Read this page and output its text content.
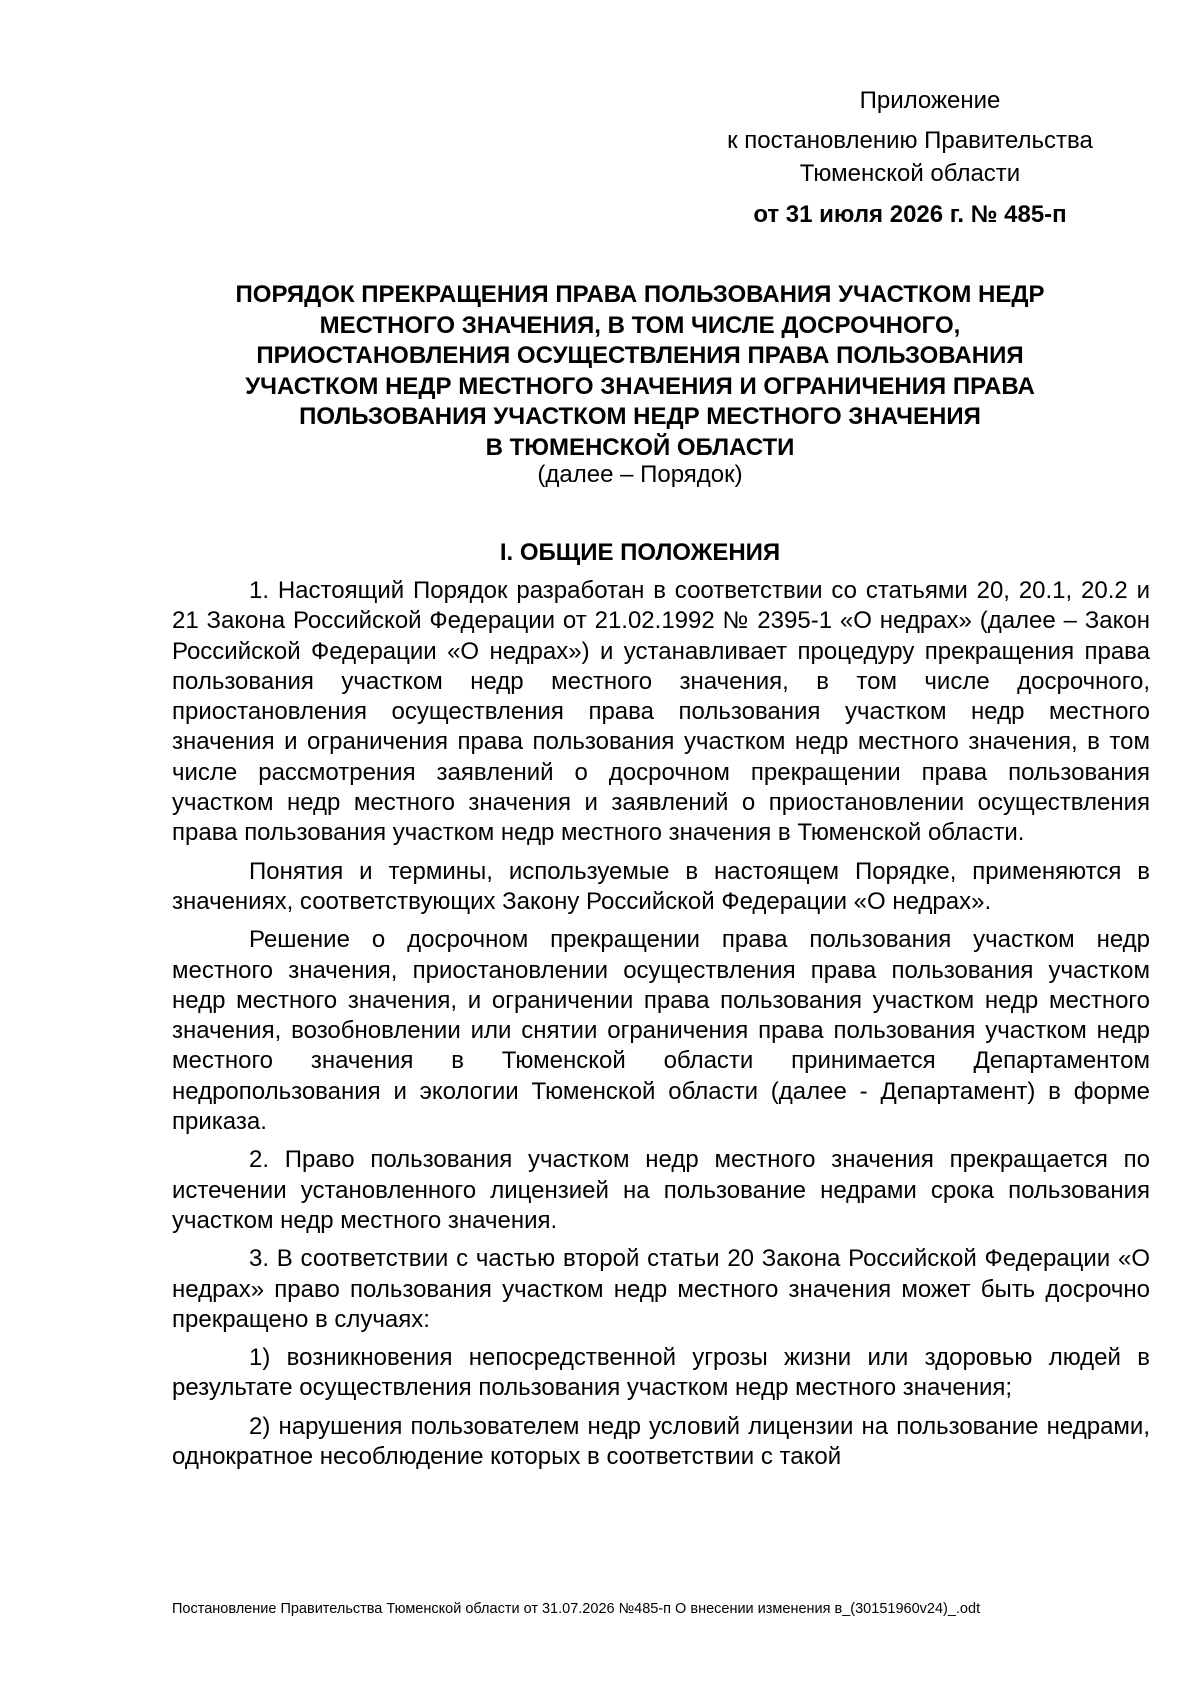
Приложение
к постановлению Правительства
Тюменской области
от 31 июля 2026 г. № 485-п
ПОРЯДОК ПРЕКРАЩЕНИЯ ПРАВА ПОЛЬЗОВАНИЯ УЧАСТКОМ НЕДР
МЕСТНОГО ЗНАЧЕНИЯ, В ТОМ ЧИСЛЕ ДОСРОЧНОГО,
ПРИОСТАНОВЛЕНИЯ ОСУЩЕСТВЛЕНИЯ ПРАВА ПОЛЬЗОВАНИЯ
УЧАСТКОМ НЕДР МЕСТНОГО ЗНАЧЕНИЯ И ОГРАНИЧЕНИЯ ПРАВА
ПОЛЬЗОВАНИЯ УЧАСТКОМ НЕДР МЕСТНОГО ЗНАЧЕНИЯ
В ТЮМЕНСКОЙ ОБЛАСТИ
(далее – Порядок)
I. ОБЩИЕ ПОЛОЖЕНИЯ

1. Настоящий Порядок разработан в соответствии со статьями 20, 20.1, 20.2 и 21 Закона Российской Федерации от 21.02.1992 № 2395-1 «О недрах» (далее – Закон Российской Федерации «О недрах») и устанавливает процедуру прекращения права пользования участком недр местного значения, в том числе досрочного, приостановления осуществления права пользования участком недр местного значения и ограничения права пользования участком недр местного значения, в том числе рассмотрения заявлений о досрочном прекращении права пользования участком недр местного значения и заявлений о приостановлении осуществления права пользования участком недр местного значения в Тюменской области.

Понятия и термины, используемые в настоящем Порядке, применяются в значениях, соответствующих Закону Российской Федерации «О недрах».

Решение о досрочном прекращении права пользования участком недр местного значения, приостановлении осуществления права пользования участком недр местного значения, и ограничении права пользования участком недр местного значения, возобновлении или снятии ограничения права пользования участком недр местного значения в Тюменской области принимается Департаментом недропользования и экологии Тюменской области (далее - Департамент) в форме приказа.

2. Право пользования участком недр местного значения прекращается по истечении установленного лицензией на пользование недрами срока пользования участком недр местного значения.

3. В соответствии с частью второй статьи 20 Закона Российской Федерации «О недрах» право пользования участком недр местного значения может быть досрочно прекращено в случаях:

1) возникновения непосредственной угрозы жизни или здоровью людей в результате осуществления пользования участком недр местного значения;

2) нарушения пользователем недр условий лицензии на пользование недрами, однократное несоблюдение которых в соответствии с такой

Постановление Правительства Тюменской области от 31.07.2026 №485-п О внесении изменения в_(30151960v24)_.odt
